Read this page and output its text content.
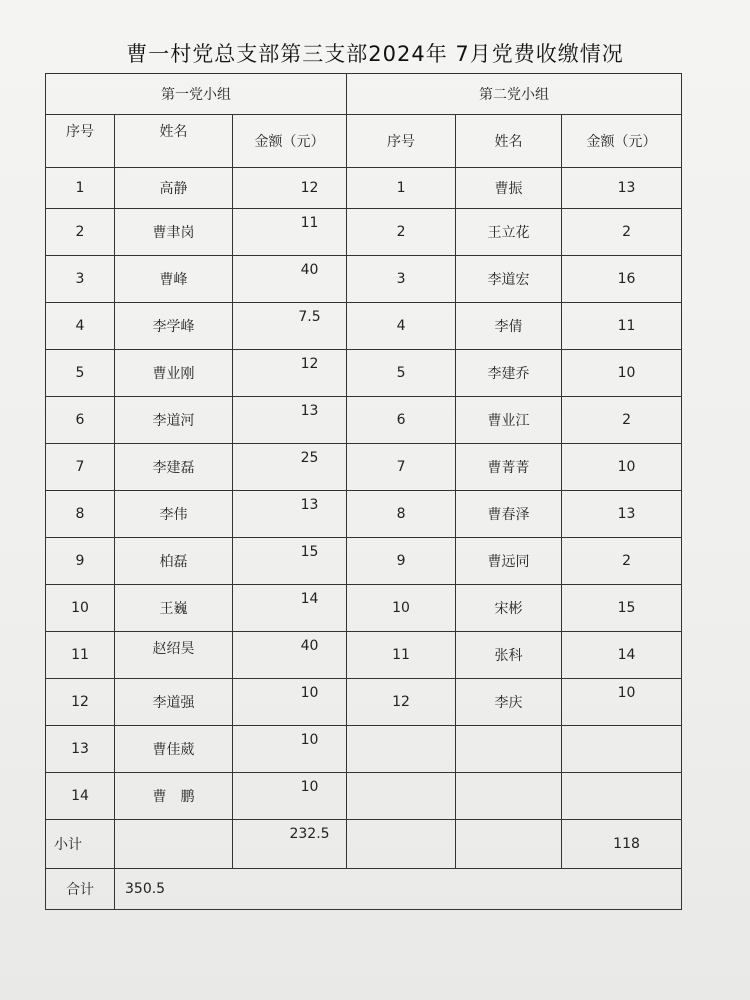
曹一村党总支部第三支部2024年 7月党费收缴情况
第一党小组			第二党小组		
序号	姓名	金额（元）	序号	姓名	金额（元）
1	高静	12	1	曹振	13
2	曹聿岗	11	2	王立花	2
3	曹峰	40	3	李道宏	16
4	李学峰	7.5	4	李倩	11
5	曹业刚	12	5	李建乔	10
6	李道河	13	6	曹业江	2
7	李建磊	25	7	曹菁菁	10
8	李伟	13	8	曹春泽	13
9	柏磊	15	9	曹远同	2
10	王巍	14	10	宋彬	15
11	赵绍昊	40	11	张科	14
12	李道强	10	12	李庆	10
13	曹佳葳	10			
14	曹　鹏	10			
小计		232.5			118
合计	350.5				
